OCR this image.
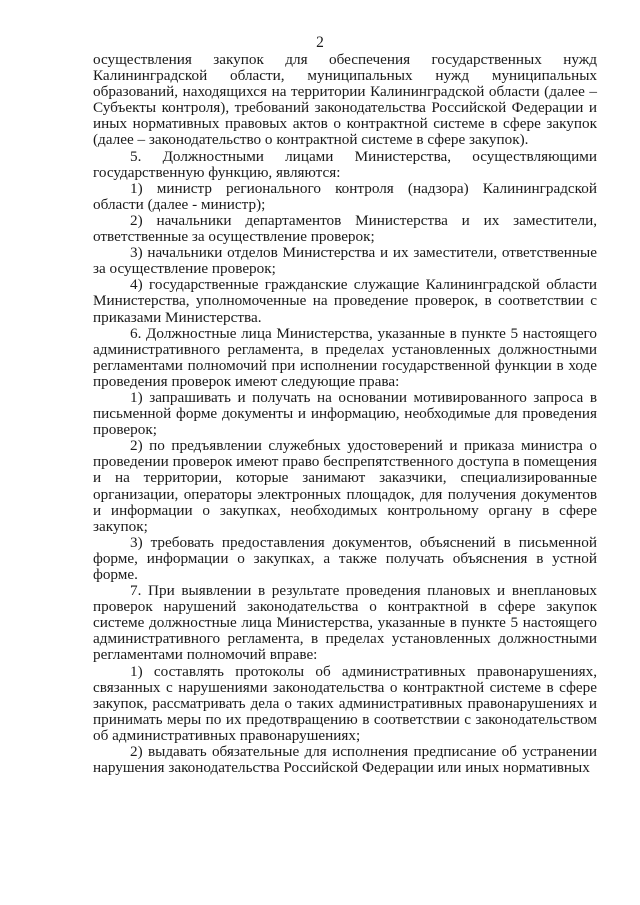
2

осуществления закупок для обеспечения государственных нужд Калининградской области, муниципальных нужд муниципальных образований, находящихся на территории Калининградской области (далее – Субъекты контроля), требований законодательства Российской Федерации и иных нормативных правовых актов о контрактной системе в сфере закупок (далее – законодательство о контрактной системе в сфере закупок).

5. Должностными лицами Министерства, осуществляющими государственную функцию, являются:

1) министр регионального контроля (надзора) Калининградской области (далее - министр);

2) начальники департаментов Министерства и их заместители, ответственные за осуществление проверок;

3) начальники отделов Министерства и их заместители, ответственные за осуществление проверок;

4) государственные гражданские служащие Калининградской области Министерства, уполномоченные на проведение проверок, в соответствии с приказами Министерства.

6. Должностные лица Министерства, указанные в пункте 5 настоящего административного регламента, в пределах установленных должностными регламентами полномочий при исполнении государственной функции в ходе проведения проверок имеют следующие права:

1) запрашивать и получать на основании мотивированного запроса в письменной форме документы и информацию, необходимые для проведения проверок;

2) по предъявлении служебных удостоверений и приказа министра о проведении проверок имеют право беспрепятственного доступа в помещения и на территории, которые занимают заказчики, специализированные организации, операторы электронных площадок, для получения документов и информации о закупках, необходимых контрольному органу в сфере закупок;

3) требовать предоставления документов, объяснений в письменной форме, информации о закупках, а также получать объяснения в устной форме.

7. При выявлении в результате проведения плановых и внеплановых проверок нарушений законодательства о контрактной в сфере закупок системе должностные лица Министерства, указанные в пункте 5 настоящего административного регламента, в пределах установленных должностными регламентами полномочий вправе:

1) составлять протоколы об административных правонарушениях, связанных с нарушениями законодательства о контрактной системе в сфере закупок, рассматривать дела о таких административных правонарушениях и принимать меры по их предотвращению в соответствии с законодательством об административных правонарушениях;

2) выдавать обязательные для исполнения предписание об устранении нарушения законодательства Российской Федерации или иных нормативных
